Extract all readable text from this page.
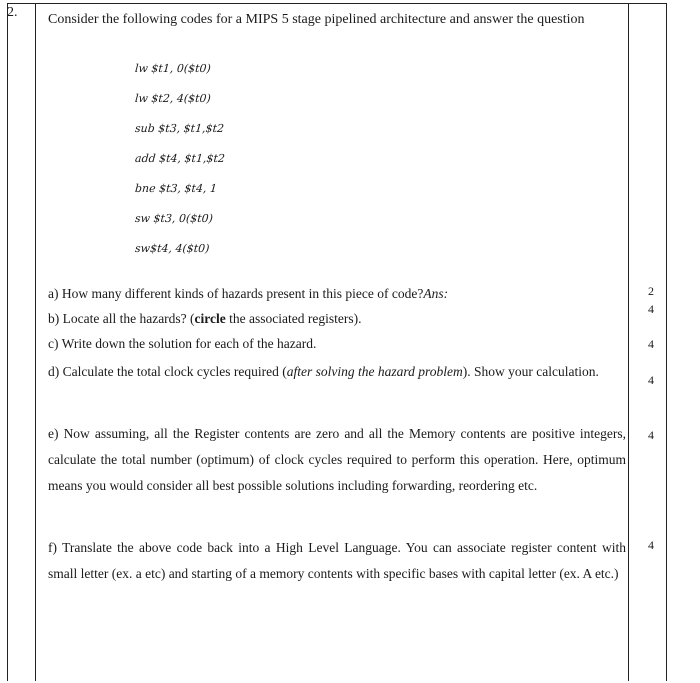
2. Consider the following codes for a MIPS 5 stage pipelined architecture and answer the question
lw $t1, 0($t0)
lw $t2, 4($t0)
sub $t3, $t1,$t2
add $t4, $t1,$t2
bne $t3, $t4, 1
sw $t3, 0($t0)
sw$t4, 4($t0)
a) How many different kinds of hazards present in this piece of code?Ans:	2
b) Locate all the hazards? (circle the associated registers).
4
c) Write down the solution for each of the hazard.	4
d) Calculate the total clock cycles required (after solving the hazard problem). Show your calculation.
4
e) Now assuming, all the Register contents are zero and all the Memory contents are positive integers, calculate the total number (optimum) of clock cycles required to perform this operation. Here, optimum means you would consider all best possible solutions including forwarding, reordering etc.
4
f) Translate the above code back into a High Level Language. You can associate register content with small letter (ex. a etc) and starting of a memory contents with specific bases with capital letter (ex. A etc.)
4
